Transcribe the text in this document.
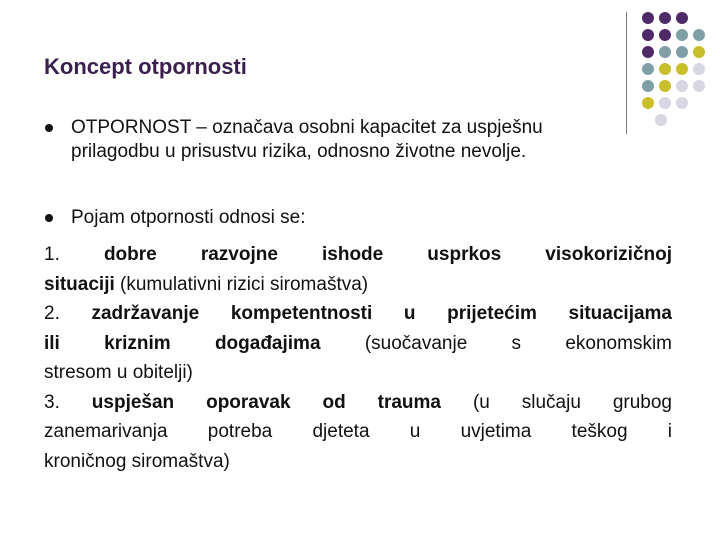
Koncept otpornosti
OTPORNOST – označava osobni kapacitet za uspješnu
prilagodbu u prisustvu rizika, odnosno životne nevolje.
Pojam otpornosti odnosi se:
1. dobre razvojne ishode usprkos visokorizičnoj
situaciji (kumulativni rizici siromaštva)
2. zadržavanje kompetentnosti u prijetećim situacijama
ili kriznim događajima (suočavanje s ekonomskim
stresom u obitelji)
3. uspješan oporavak od trauma (u slučaju grubog
zanemarivanja potreba djeteta u uvjetima teškog i
kroničnog siromaštva)
